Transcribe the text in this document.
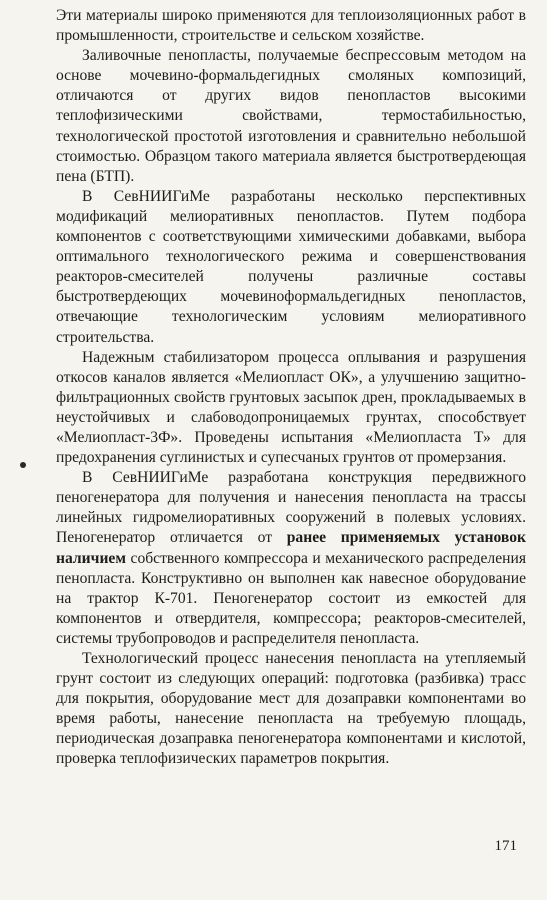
Эти материалы широко применяются для теплоизоляционных работ в промышленности, строительстве и сельском хозяйстве.

Заливочные пенопласты, получаемые беспрессовым методом на основе мочевино-формальдегидных смоляных композиций, отличаются от других видов пенопластов высокими теплофизическими свойствами, термостабильностью, технологической простотой изготовления и сравнительно небольшой стоимостью. Образцом такого материала является быстротвердеющая пена (БТП).

В СевНИИГиМе разработаны несколько перспективных модификаций мелиоративных пенопластов. Путем подбора компонентов с соответствующими химическими добавками, выбора оптимального технологического режима и совершенствования реакторов-смесителей получены различные составы быстротвердеющих мочевиноформальдегидных пенопластов, отвечающие технологическим условиям мелиоративного строительства.

Надежным стабилизатором процесса оплывания и разрушения откосов каналов является «Мелиопласт ОК», а улучшению защитно-фильтрационных свойств грунтовых засыпок дрен, прокладываемых в неустойчивых и слабоводопроницаемых грунтах, способствует «Мелиопласт-3Ф». Проведены испытания «Мелиопласта Т» для предохранения суглинистых и супесчаных грунтов от промерзания.

В СевНИИГиМе разработана конструкция передвижного пеногенератора для получения и нанесения пенопласта на трассы линейных гидромелиоративных сооружений в полевых условиях. Пеногенератор отличается от ранее применяемых установок наличием собственного компрессора и механического распределения пенопласта. Конструктивно он выполнен как навесное оборудование на трактор К-701. Пеногенератор состоит из емкостей для компонентов и отвердителя, компрессора; реакторов-смесителей, системы трубопроводов и распределителя пенопласта.

Технологический процесс нанесения пенопласта на утепляемый грунт состоит из следующих операций: подготовка (разбивка) трасс для покрытия, оборудование мест для дозаправки компонентами во время работы, нанесение пенопласта на требуемую площадь, периодическая дозаправка пеногенератора компонентами и кислотой, проверка теплофизических параметров покрытия.

171
